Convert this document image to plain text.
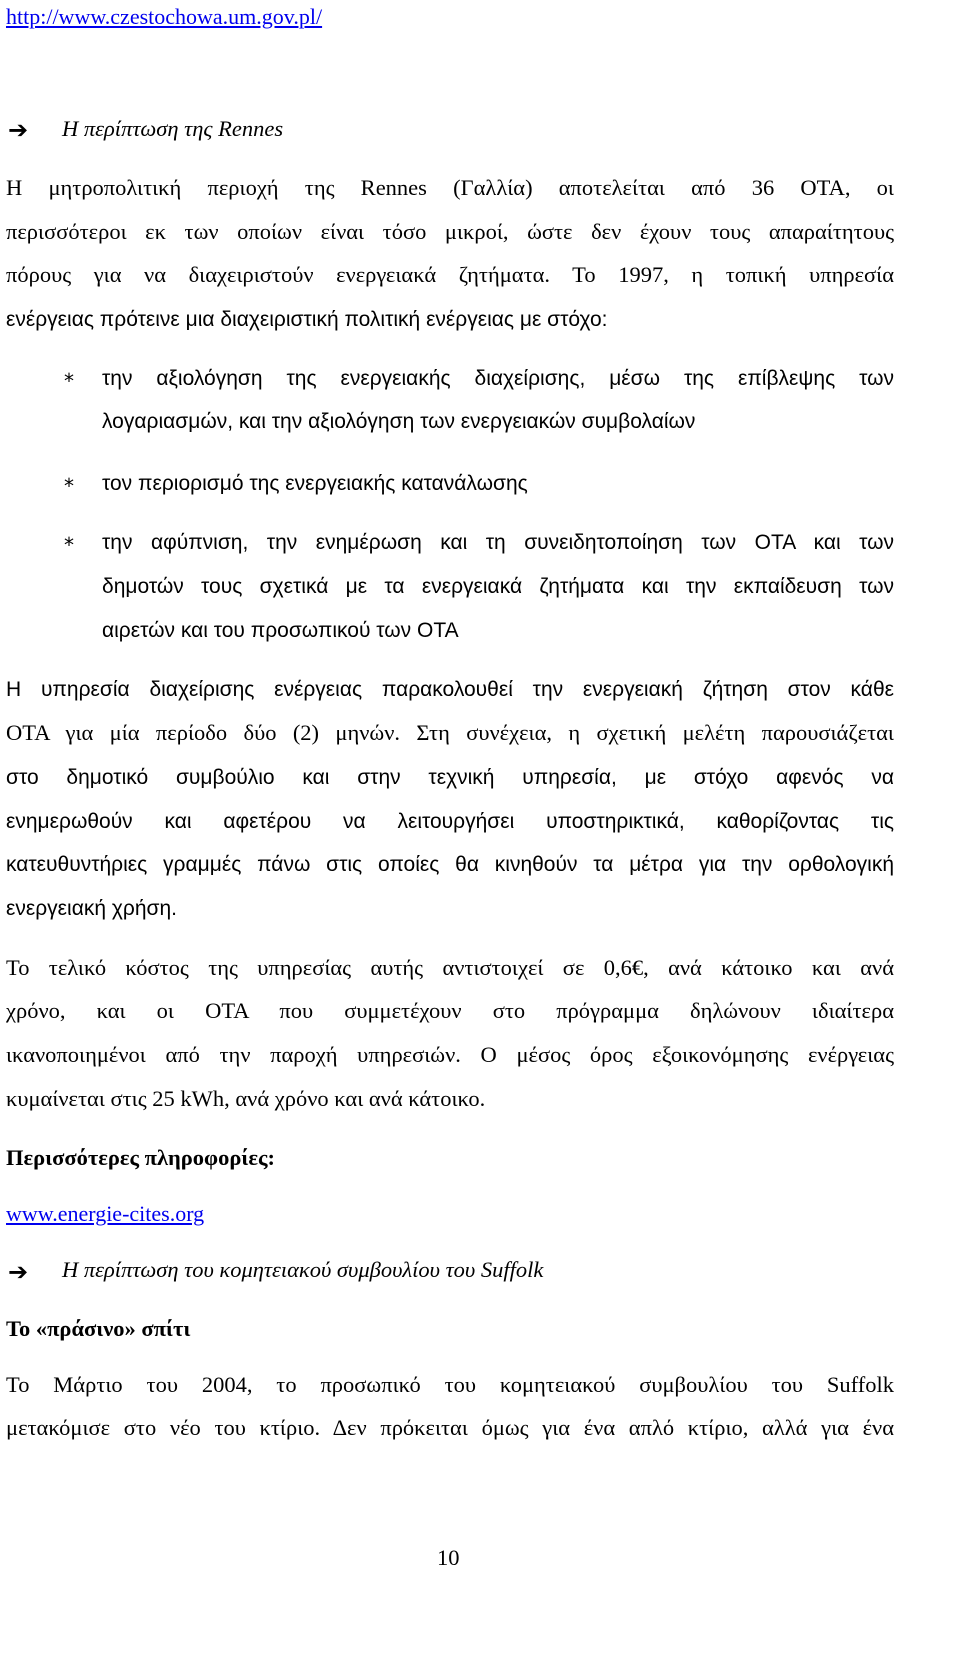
http://www.czestochowa.um.gov.pl/
➔ Η περίπτωση της Rennes
Η μητροπολιτική περιοχή της Rennes (Γαλλία) αποτελείται από 36 ΟΤΑ, οι
περισσότεροι εκ των οποίων είναι τόσο μικροί, ώστε δεν έχουν τους απαραίτητους
πόρους για να διαχειριστούν ενεργειακά ζητήματα. Το 1997, η τοπική υπηρεσία
ενέργειας πρότεινε μια διαχειριστική πολιτική ενέργειας με στόχο:
* την αξιολόγηση της ενεργειακής διαχείρισης, μέσω της επίβλεψης των
λογαριασμών, και την αξιολόγηση των ενεργειακών συμβολαίων
* τον περιορισμό της ενεργειακής κατανάλωσης
* την αφύπνιση, την ενημέρωση και τη συνειδητοποίηση των ΟΤΑ και των
δημοτών τους σχετικά με τα ενεργειακά ζητήματα και την εκπαίδευση των
αιρετών και του προσωπικού των ΟΤΑ
Η υπηρεσία διαχείρισης ενέργειας παρακολουθεί την ενεργειακή ζήτηση στον κάθε
ΟΤΑ για μία περίοδο δύο (2) μηνών. Στη συνέχεια, η σχετική μελέτη παρουσιάζεται
στο δημοτικό συμβούλιο και στην τεχνική υπηρεσία, με στόχο αφενός να
ενημερωθούν και αφετέρου να λειτουργήσει υποστηρικτικά, καθορίζοντας τις
κατευθυντήριες γραμμές πάνω στις οποίες θα κινηθούν τα μέτρα για την ορθολογική
ενεργειακή χρήση.
Το τελικό κόστος της υπηρεσίας αυτής αντιστοιχεί σε 0,6€, ανά κάτοικο και ανά
χρόνο, και οι ΟΤΑ που συμμετέχουν στο πρόγραμμα δηλώνουν ιδιαίτερα
ικανοποιημένοι από την παροχή υπηρεσιών. Ο μέσος όρος εξοικονόμησης ενέργειας
κυμαίνεται στις 25 kWh, ανά χρόνο και ανά κάτοικο.
Περισσότερες πληροφορίες:
www.energie-cites.org
➔ Η περίπτωση του κομητειακού συμβουλίου του Suffolk
Το «πράσινο» σπίτι
Το Μάρτιο του 2004, το προσωπικό του κομητειακού συμβουλίου του Suffolk
μετακόμισε στο νέο του κτίριο. Δεν πρόκειται όμως για ένα απλό κτίριο, αλλά για ένα
10
